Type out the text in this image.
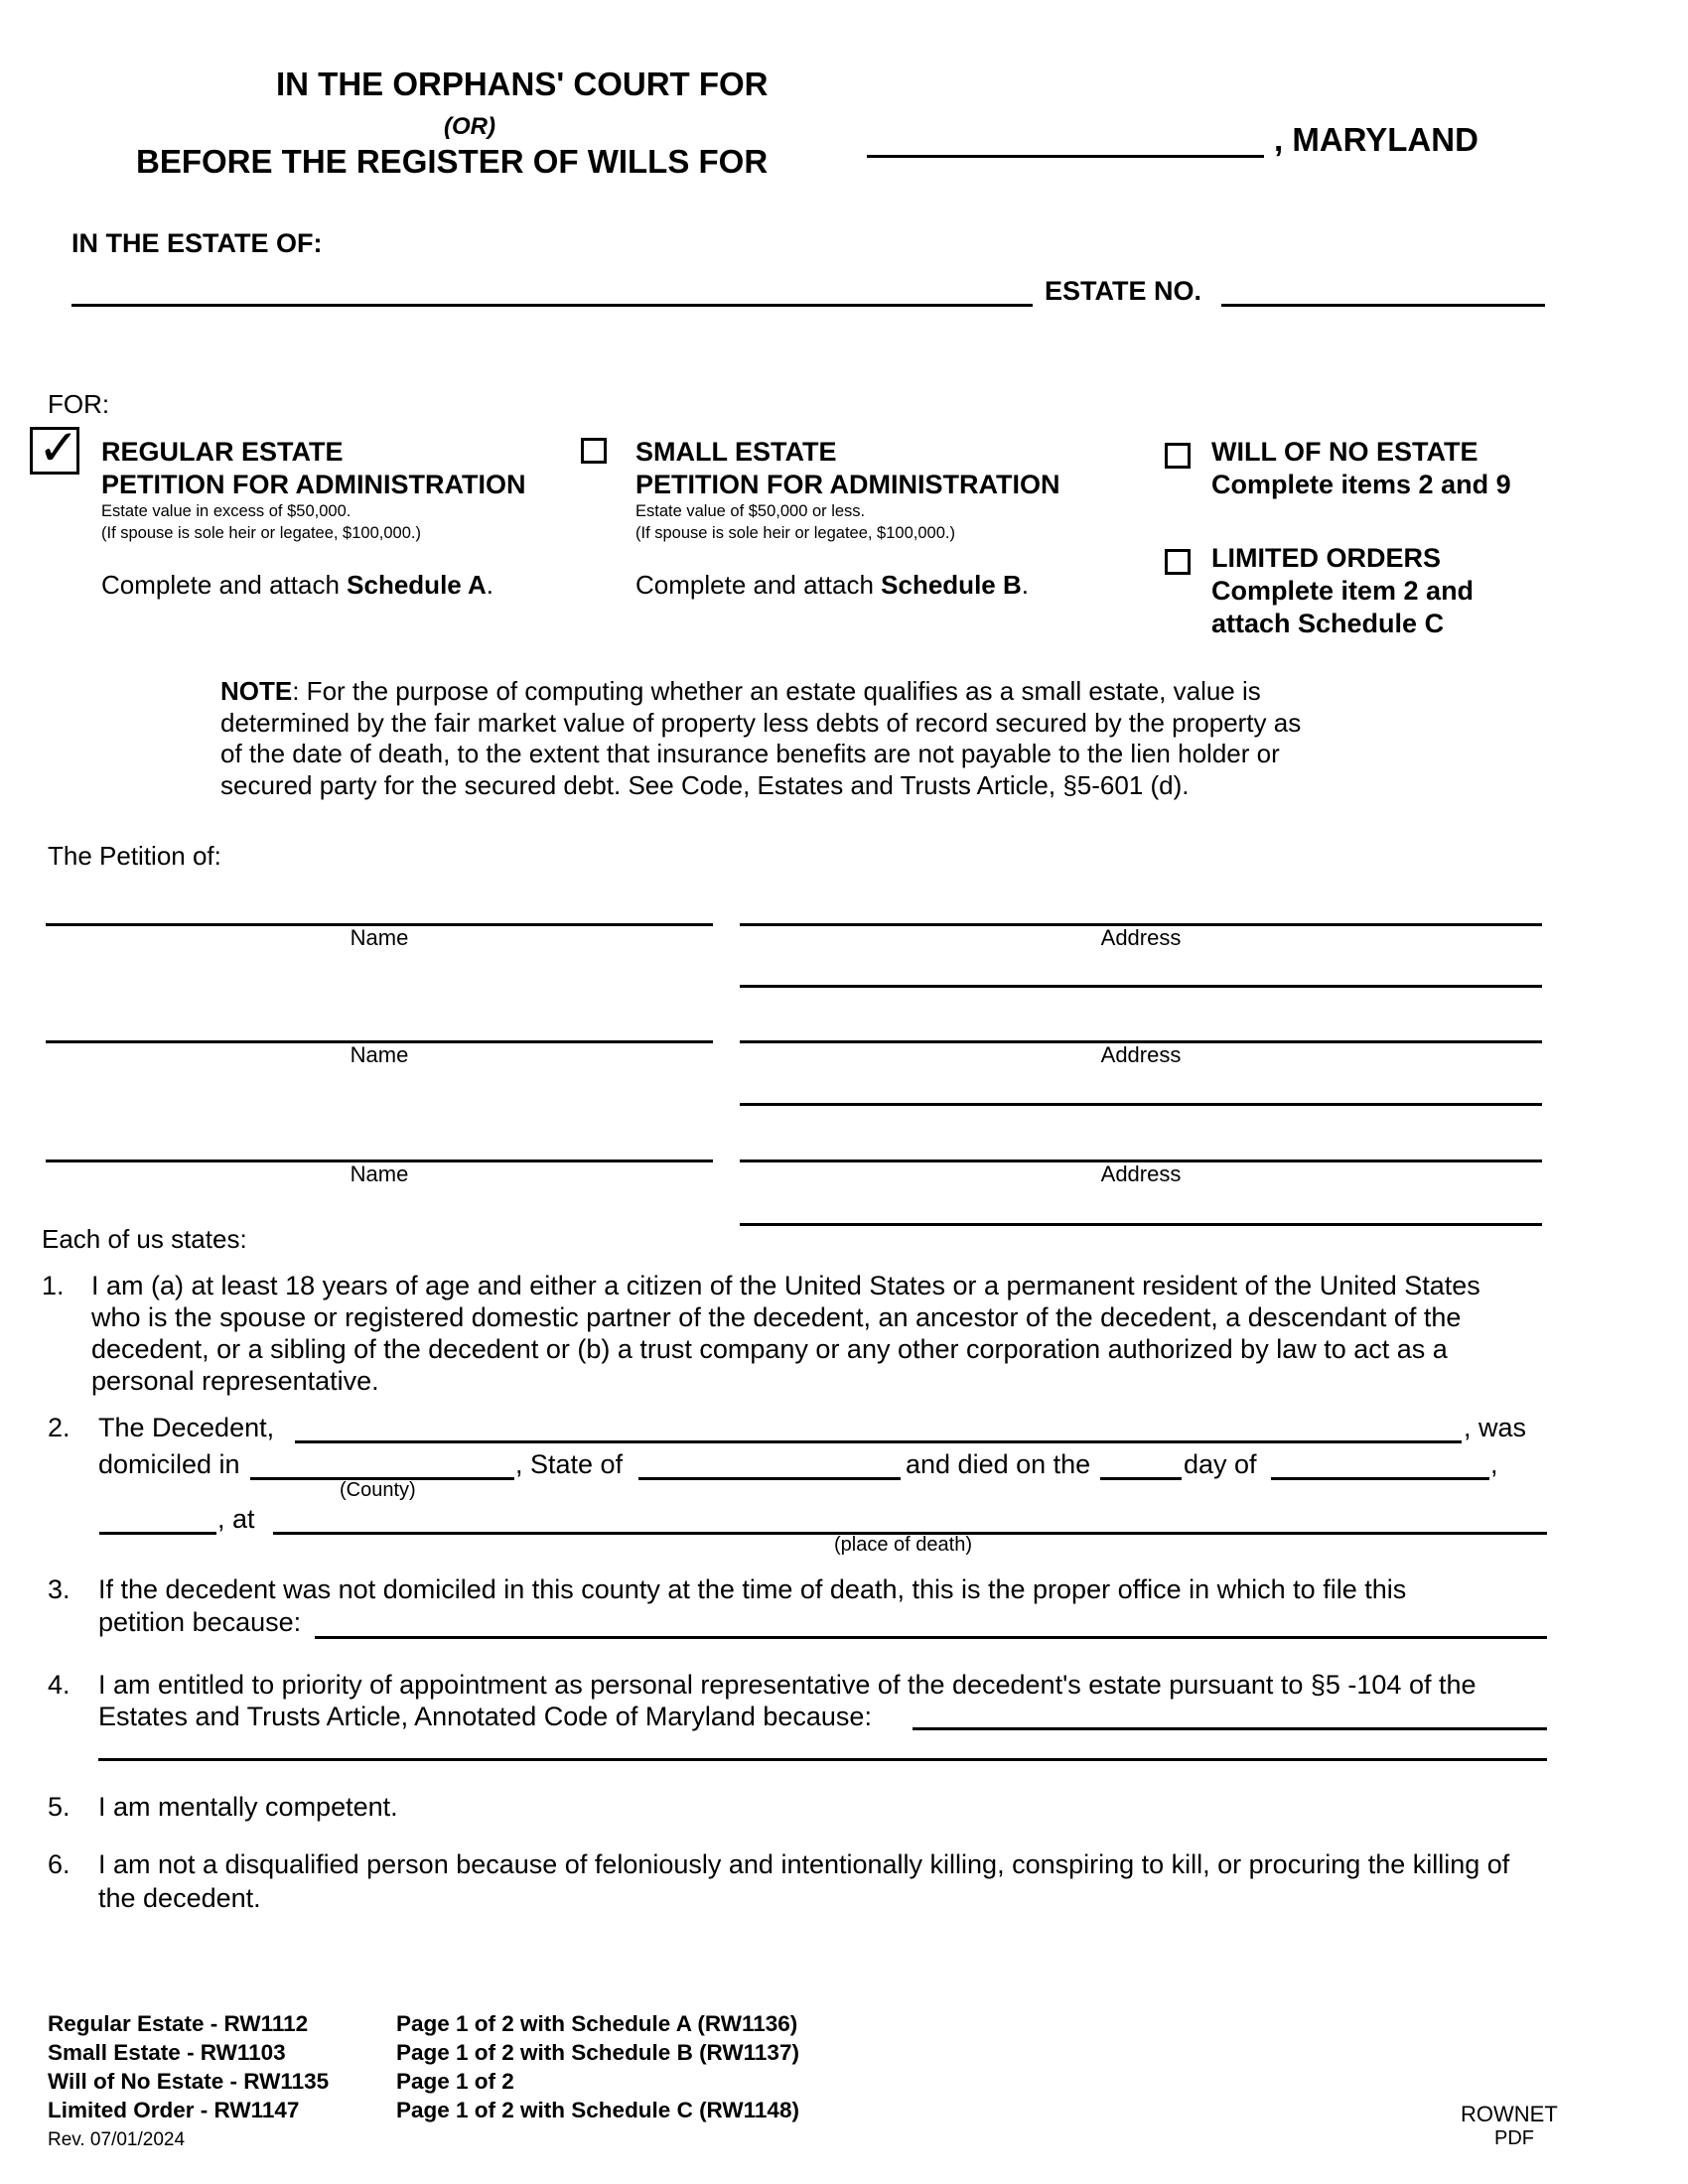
IN THE ORPHANS' COURT FOR
(OR)
BEFORE THE REGISTER OF WILLS FOR
, MARYLAND
IN THE ESTATE OF:
ESTATE NO.
FOR:
✓ REGULAR ESTATE
PETITION FOR ADMINISTRATION
Estate value in excess of $50,000.
(If spouse is sole heir or legatee, $100,000.)
Complete and attach Schedule A.
SMALL ESTATE
PETITION FOR ADMINISTRATION
Estate value of $50,000 or less.
(If spouse is sole heir or legatee, $100,000.)
Complete and attach Schedule B.
WILL OF NO ESTATE
Complete items 2 and 9
LIMITED ORDERS
Complete item 2 and
attach Schedule C
NOTE: For the purpose of computing whether an estate qualifies as a small estate, value is
determined by the fair market value of property less debts of record secured by the property as
of the date of death, to the extent that insurance benefits are not payable to the lien holder or
secured party for the secured debt. See Code, Estates and Trusts Article, §5-601 (d).
The Petition of:
Name	Address
Name	Address
Name	Address
Each of us states:
1. I am (a) at least 18 years of age and either a citizen of the United States or a permanent resident of the United States
who is the spouse or registered domestic partner of the decedent, an ancestor of the decedent, a descendant of the
decedent, or a sibling of the decedent or (b) a trust company or any other corporation authorized by law to act as a
personal representative.
2. The Decedent,	, was
domiciled in
(County)
, State of	and died on the	day of	,
, at
(place of death)
3. If the decedent was not domiciled in this county at the time of death, this is the proper office in which to file this
petition because:
4. I am entitled to priority of appointment as personal representative of the decedent's estate pursuant to §5 -104 of the
Estates and Trusts Article, Annotated Code of Maryland because:
5. I am mentally competent.
6. I am not a disqualified person because of feloniously and intentionally killing, conspiring to kill, or procuring the killing of
the decedent.
Regular Estate - RW1112	Page 1 of 2 with Schedule A (RW1136)
Small Estate - RW1103	Page 1 of 2 with Schedule B (RW1137)
Will of No Estate - RW1135	Page 1 of 2
Limited Order - RW1147	Page 1 of 2 with Schedule C (RW1148)
Rev. 07/01/2024
ROWNET
PDF
